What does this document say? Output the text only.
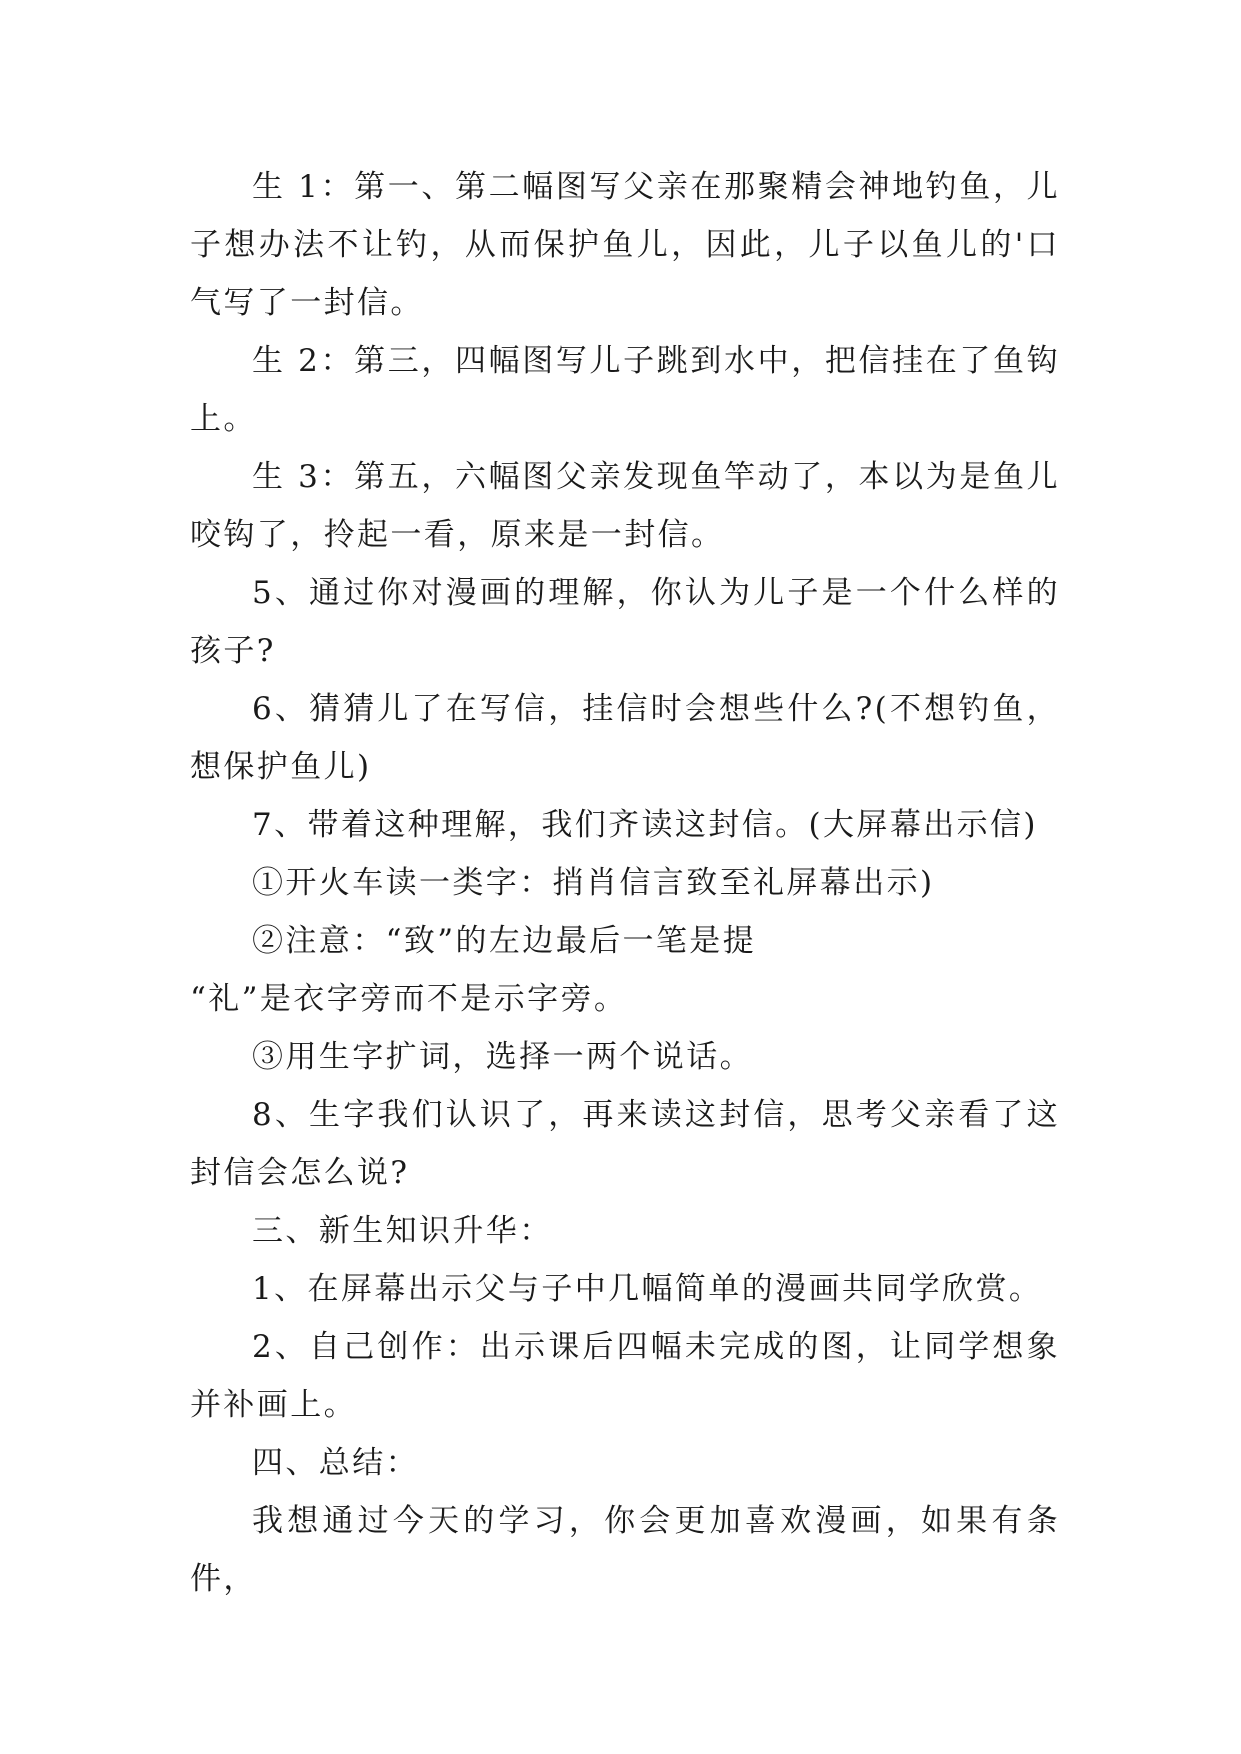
生 1：第一、第二幅图写父亲在那聚精会神地钓鱼，儿子想办法不让钓，从而保护鱼儿，因此，儿子以鱼儿的'口气写了一封信。

生 2：第三，四幅图写儿子跳到水中，把信挂在了鱼钩上。

生 3：第五，六幅图父亲发现鱼竿动了，本以为是鱼儿咬钩了，拎起一看，原来是一封信。

5、通过你对漫画的理解，你认为儿子是一个什么样的孩子?

6、猜猜儿了在写信，挂信时会想些什么?(不想钓鱼，想保护鱼儿)

7、带着这种理解，我们齐读这封信。(大屏幕出示信)

①开火车读一类字：捎肖信言致至礼屏幕出示)

②注意：“致”的左边最后一笔是提

“礼”是衣字旁而不是示字旁。

③用生字扩词，选择一两个说话。

8、生字我们认识了，再来读这封信，思考父亲看了这封信会怎么说?

三、新生知识升华：

1、在屏幕出示父与子中几幅简单的漫画共同学欣赏。

2、自己创作：出示课后四幅未完成的图，让同学想象并补画上。

四、总结：

我想通过今天的学习，你会更加喜欢漫画，如果有条件，
